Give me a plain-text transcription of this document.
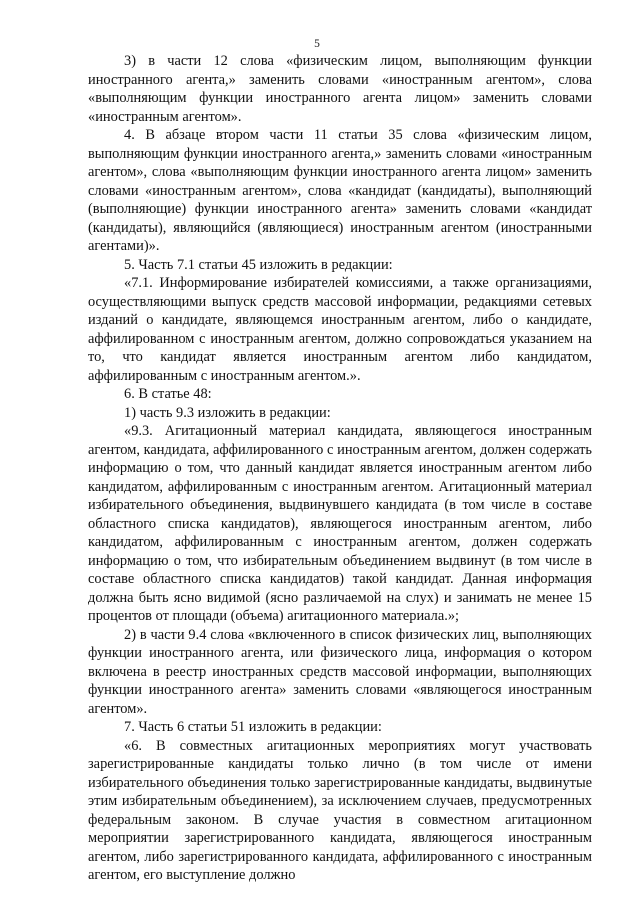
5

3) в части 12 слова «физическим лицом, выполняющим функции иностранного агента,» заменить словами «иностранным агентом», слова «выполняющим функции иностранного агента лицом» заменить словами «иностранным агентом».

4. В абзаце втором части 11 статьи 35 слова «физическим лицом, выполняющим функции иностранного агента,» заменить словами «иностранным агентом», слова «выполняющим функции иностранного агента лицом» заменить словами «иностранным агентом», слова «кандидат (кандидаты), выполняющий (выполняющие) функции иностранного агента» заменить словами «кандидат (кандидаты), являющийся (являющиеся) иностранным агентом (иностранными агентами)».

5. Часть 7.1 статьи 45 изложить в редакции:

«7.1. Информирование избирателей комиссиями, а также организациями, осуществляющими выпуск средств массовой информации, редакциями сетевых изданий о кандидате, являющемся иностранным агентом, либо о кандидате, аффилированном с иностранным агентом, должно сопровождаться указанием на то, что кандидат является иностранным агентом либо кандидатом, аффилированным с иностранным агентом.».

6. В статье 48:

1) часть 9.3 изложить в редакции:

«9.3. Агитационный материал кандидата, являющегося иностранным агентом, кандидата, аффилированного с иностранным агентом, должен содержать информацию о том, что данный кандидат является иностранным агентом либо кандидатом, аффилированным с иностранным агентом. Агитационный материал избирательного объединения, выдвинувшего кандидата (в том числе в составе областного списка кандидатов), являющегося иностранным агентом, либо кандидатом, аффилированным с иностранным агентом, должен содержать информацию о том, что избирательным объединением выдвинут (в том числе в составе областного списка кандидатов) такой кандидат. Данная информация должна быть ясно видимой (ясно различаемой на слух) и занимать не менее 15 процентов от площади (объема) агитационного материала.»;

2) в части 9.4 слова «включенного в список физических лиц, выполняющих функции иностранного агента, или физического лица, информация о котором включена в реестр иностранных средств массовой информации, выполняющих функции иностранного агента» заменить словами «являющегося иностранным агентом».

7. Часть 6 статьи 51 изложить в редакции:

«6. В совместных агитационных мероприятиях могут участвовать зарегистрированные кандидаты только лично (в том числе от имени избирательного объединения только зарегистрированные кандидаты, выдвинутые этим избирательным объединением), за исключением случаев, предусмотренных федеральным законом. В случае участия в совместном агитационном мероприятии зарегистрированного кандидата, являющегося иностранным агентом, либо зарегистрированного кандидата, аффилированного с иностранным агентом, его выступление должно
